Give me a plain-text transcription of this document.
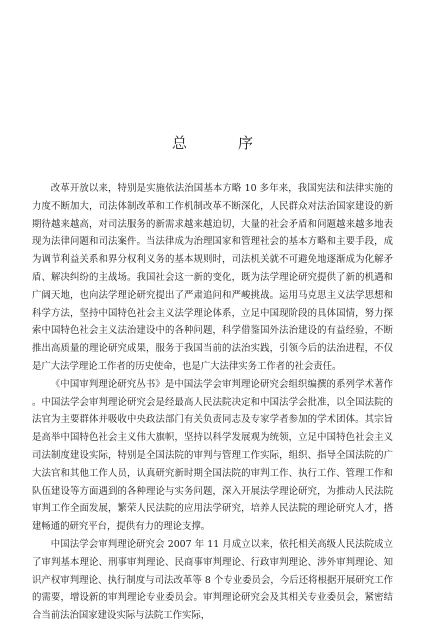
总　序

改革开放以来，特别是实施依法治国基本方略 10 多年来，我国宪法和法律实施的力度不断加大，司法体制改革和工作机制改革不断深化，人民群众对法治国家建设的新期待越来越高，对司法服务的新需求越来越迫切，大量的社会矛盾和问题越来越多地表现为法律问题和司法案件。当法律成为治理国家和管理社会的基本方略和主要手段，成为调节利益关系和界分权利义务的基本规则时，司法机关就不可避免地逐渐成为化解矛盾、解决纠纷的主战场。我国社会这一新的变化，既为法学理论研究提供了新的机遇和广阔天地，也向法学理论研究提出了严肃追问和严峻挑战。运用马克思主义法学思想和科学方法，坚持中国特色社会主义法学理论体系，立足中国现阶段的具体国情，努力探索中国特色社会主义法治建设中的各种问题，科学借鉴国外法治建设的有益经验，不断推出高质量的理论研究成果，服务于我国当前的法治实践，引领今后的法治进程，不仅是广大法学理论工作者的历史使命，也是广大法律实务工作者的社会责任。

《中国审判理论研究丛书》是中国法学会审判理论研究会组织编撰的系列学术著作。中国法学会审判理论研究会是经最高人民法院决定和中国法学会批准，以全国法院的法官为主要群体并吸收中央政法部门有关负责同志及专家学者参加的学术团体。其宗旨是高举中国特色社会主义伟大旗帜，坚持以科学发展观为统领，立足中国特色社会主义司法制度建设实际，特别是全国法院的审判与管理工作实际，组织、指导全国法院的广大法官和其他工作人员，认真研究新时期全国法院的审判工作、执行工作、管理工作和队伍建设等方面遇到的各种理论与实务问题，深入开展法学理论研究，为推动人民法院审判工作全面发展，繁荣人民法院的应用法学研究，培养人民法院的理论研究人才，搭建畅通的研究平台，提供有力的理论支撑。

中国法学会审判理论研究会 2007 年 11 月成立以来，依托相关高级人民法院成立了审判基本理论、刑事审判理论、民商事审判理论、行政审判理论、涉外审判理论、知识产权审判理论、执行制度与司法改革等 8 个专业委员会，今后还将根据开展研究工作的需要，增设新的审判理论专业委员会。审判理论研究会及其相关专业委员会，紧密结合当前法治国家建设实际与法院工作实际，
